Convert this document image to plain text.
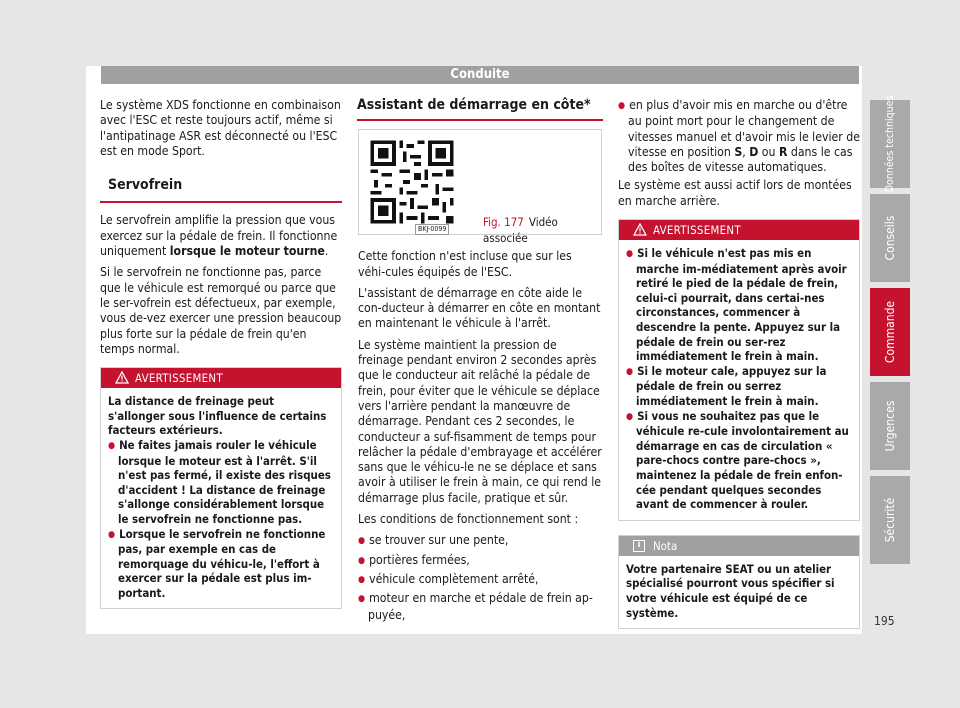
Conduite

Le système XDS fonctionne en combinaison avec l'ESC et reste toujours actif, même si l'antipatinage ASR est déconnecté ou l'ESC est en mode Sport.

Servofrein

Le servofrein amplifie la pression que vous exercez sur la pédale de frein. Il fonctionne uniquement lorsque le moteur tourne.

Si le servofrein ne fonctionne pas, parce que le véhicule est remorqué ou parce que le ser-vofrein est défectueux, par exemple, vous de-vez exercer une pression beaucoup plus forte sur la pédale de frein qu'en temps normal.

AVERTISSEMENT
La distance de freinage peut s'allonger sous l'influence de certains facteurs extérieurs.
● Ne faites jamais rouler le véhicule lorsque le moteur est à l'arrêt. S'il n'est pas fermé, il existe des risques d'accident ! La distance de freinage s'allonge considérablement lorsque le servofrein ne fonctionne pas.
● Lorsque le servofrein ne fonctionne pas, par exemple en cas de remorquage du véhicu-le, l'effort à exercer sur la pédale est plus im-portant.
Assistant de démarrage en côte*
BKJ-0099	Fig. 177 Vidéo associée

Cette fonction n'est incluse que sur les véhi-cules équipés de l'ESC.

L'assistant de démarrage en côte aide le con-ducteur à démarrer en côte en montant en maintenant le véhicule à l'arrêt.

Le système maintient la pression de freinage pendant environ 2 secondes après que le conducteur ait relâché la pédale de frein, pour éviter que le véhicule se déplace vers l'arrière pendant la manœuvre de démarrage. Pendant ces 2 secondes, le conducteur a suf-fisamment de temps pour relâcher la pédale d'embrayage et accélérer sans que le véhicu-le ne se déplace et sans avoir à utiliser le frein à main, ce qui rend le démarrage plus facile, pratique et sûr.

Les conditions de fonctionnement sont :

● se trouver sur une pente,
● portières fermées,
● véhicule complètement arrêté,
● moteur en marche et pédale de frein ap-puyée,
● en plus d'avoir mis en marche ou d'être au point mort pour le changement de vitesses manuel et d'avoir mis le levier de vitesse en position S, D ou R dans le cas des boîtes de vitesse automatiques.

Le système est aussi actif lors de montées en marche arrière.

AVERTISSEMENT
● Si le véhicule n'est pas mis en marche im-médiatement après avoir retiré le pied de la pédale de frein, celui-ci pourrait, dans certai-nes circonstances, commencer à descendre la pente. Appuyez sur la pédale de frein ou ser-rez immédiatement le frein à main.
● Si le moteur cale, appuyez sur la pédale de frein ou serrez immédiatement le frein à main.
● Si vous ne souhaitez pas que le véhicule re-cule involontairement au démarrage en cas de circulation « pare-chocs contre pare-chocs », maintenez la pédale de frein enfon-cée pendant quelques secondes avant de commencer à rouler.
i	Nota
Votre partenaire SEAT ou un atelier spécialisé pourront vous spécifier si votre véhicule est équipé de ce système.
Données techniques
Conseils
Commande
Urgences
Sécurité
195
